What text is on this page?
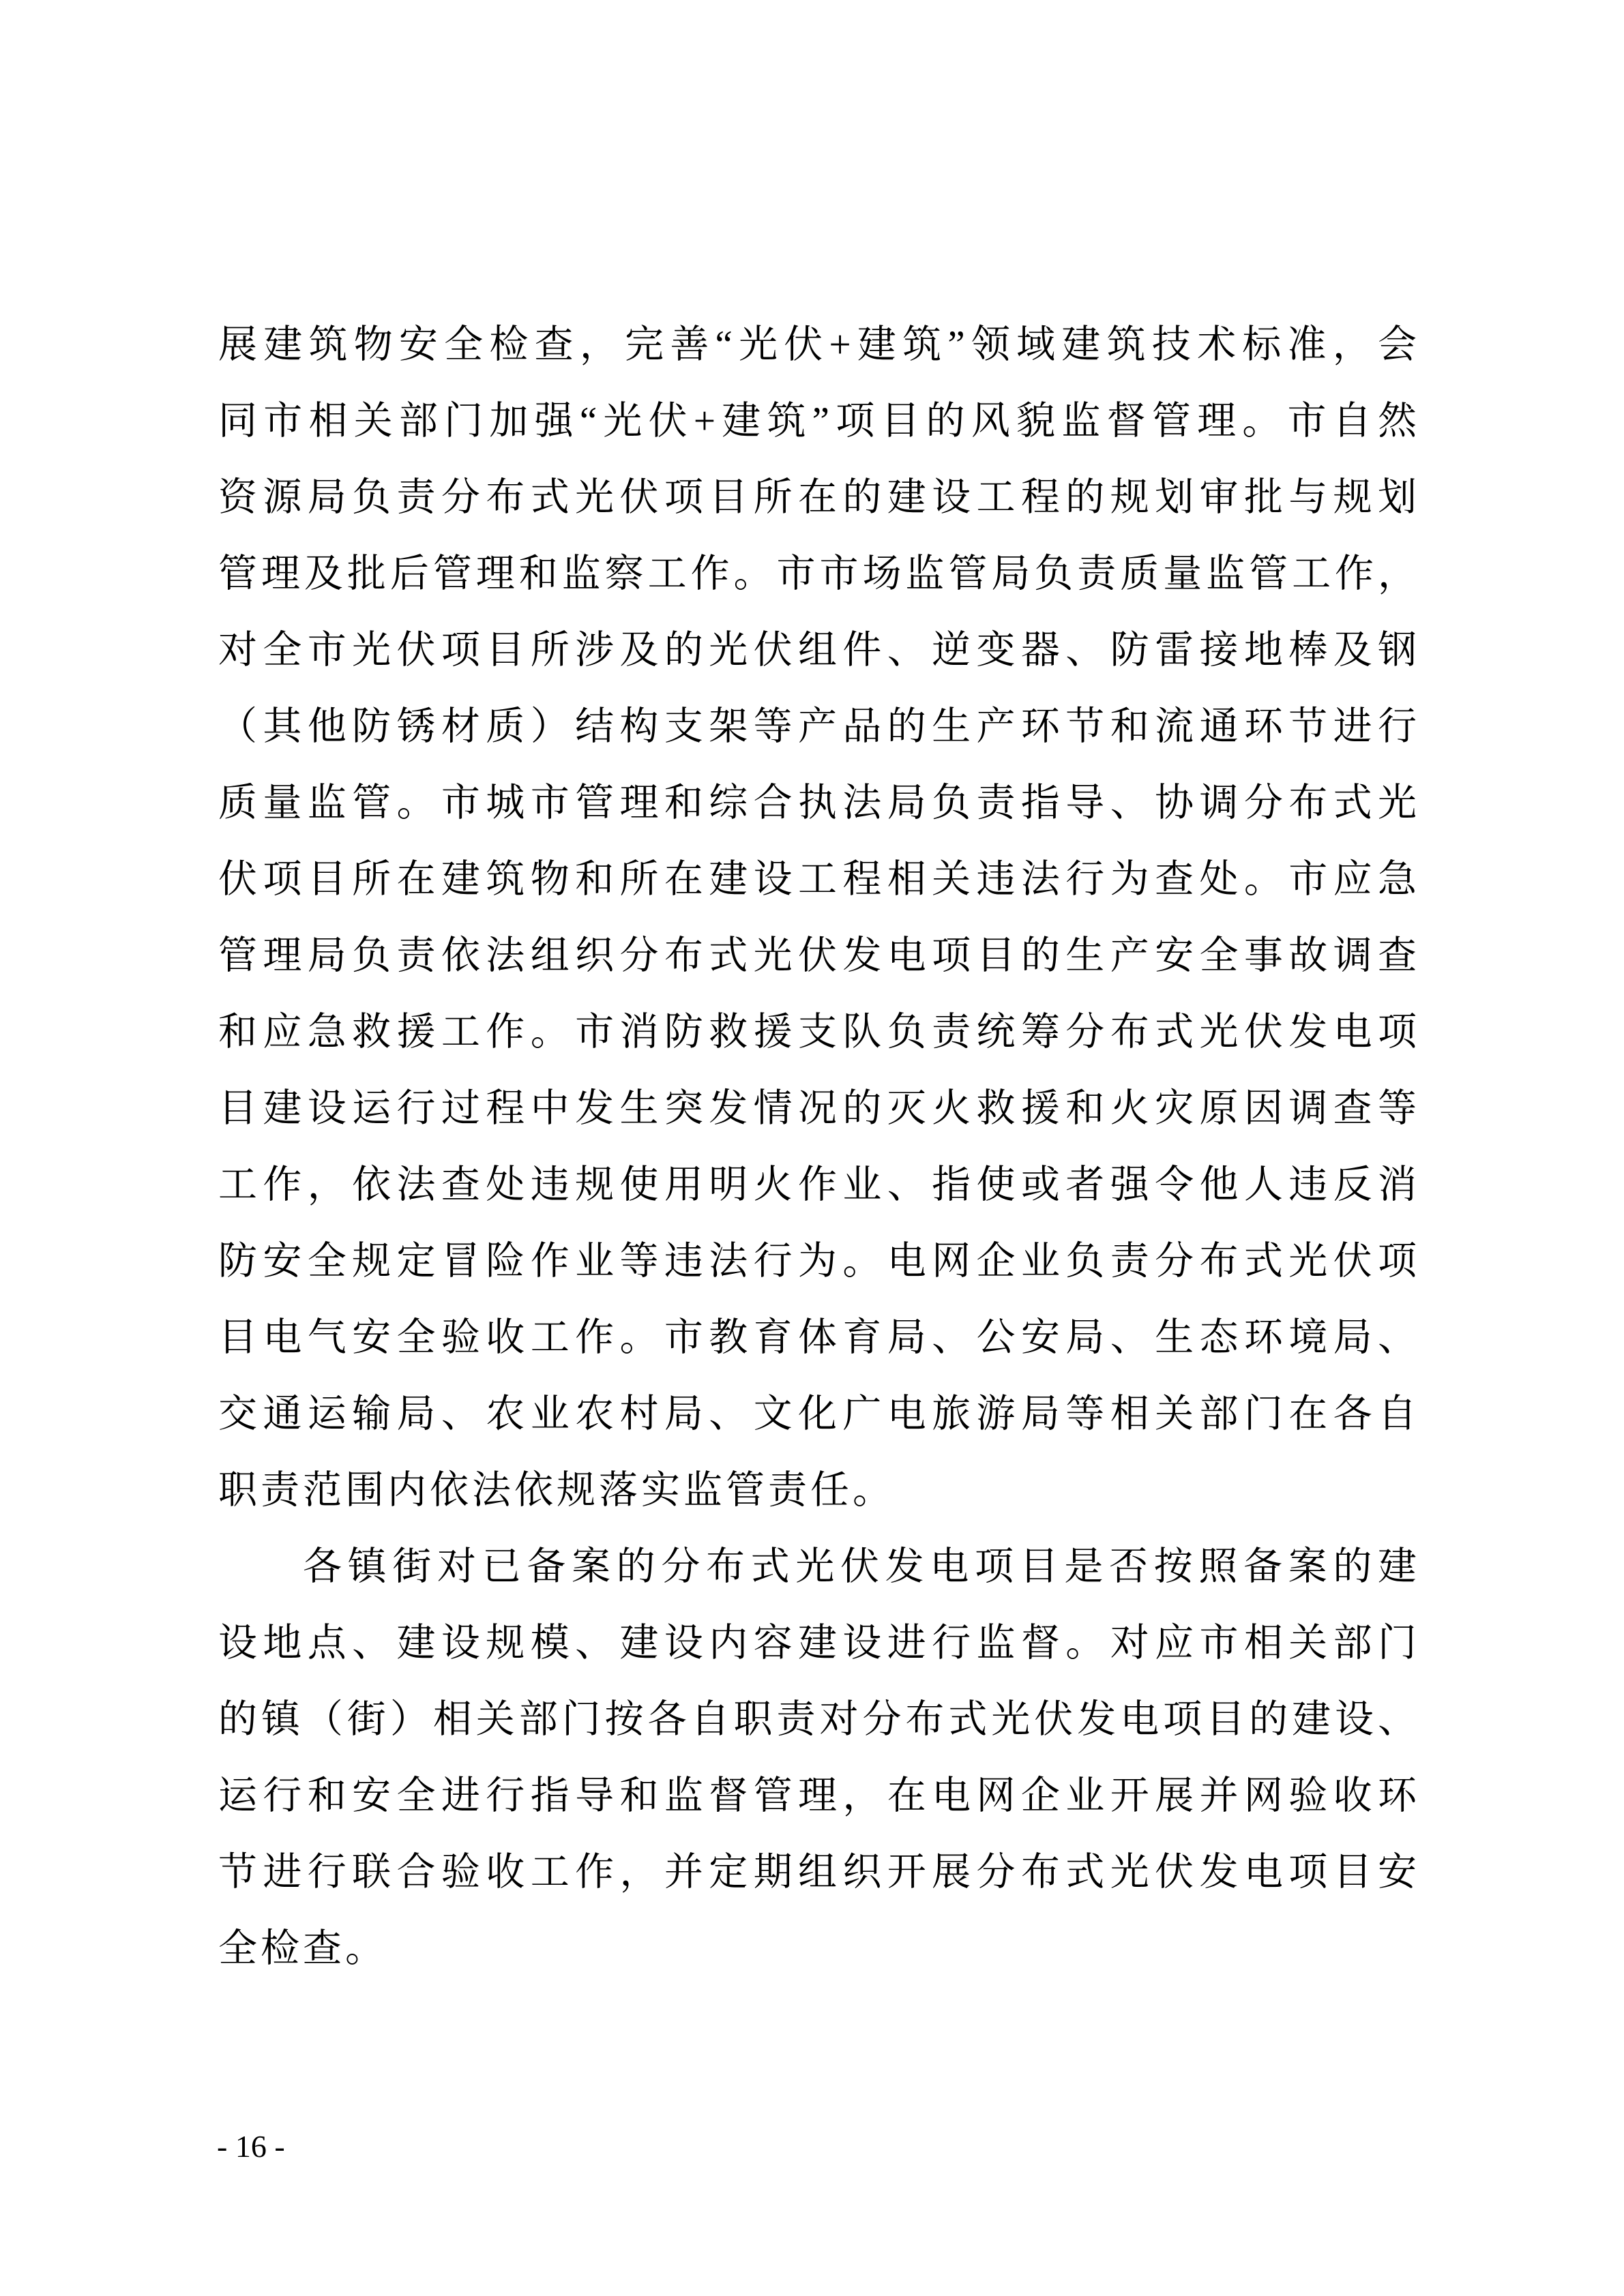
展建筑物安全检查，完善“光伏+建筑”领域建筑技术标准，会
同市相关部门加强“光伏+建筑”项目的风貌监督管理。市自然
资源局负责分布式光伏项目所在的建设工程的规划审批与规划
管理及批后管理和监察工作。市市场监管局负责质量监管工作，
对全市光伏项目所涉及的光伏组件、逆变器、防雷接地棒及钢
（其他防锈材质）结构支架等产品的生产环节和流通环节进行
质量监管。市城市管理和综合执法局负责指导、协调分布式光
伏项目所在建筑物和所在建设工程相关违法行为查处。市应急
管理局负责依法组织分布式光伏发电项目的生产安全事故调查
和应急救援工作。市消防救援支队负责统筹分布式光伏发电项
目建设运行过程中发生突发情况的灭火救援和火灾原因调查等
工作，依法查处违规使用明火作业、指使或者强令他人违反消
防安全规定冒险作业等违法行为。电网企业负责分布式光伏项
目电气安全验收工作。市教育体育局、公安局、生态环境局、
交通运输局、农业农村局、文化广电旅游局等相关部门在各自
职责范围内依法依规落实监管责任。
各镇街对已备案的分布式光伏发电项目是否按照备案的建
设地点、建设规模、建设内容建设进行监督。对应市相关部门
的镇（街）相关部门按各自职责对分布式光伏发电项目的建设、
运行和安全进行指导和监督管理，在电网企业开展并网验收环
节进行联合验收工作，并定期组织开展分布式光伏发电项目安
全检查。
- 16 -
